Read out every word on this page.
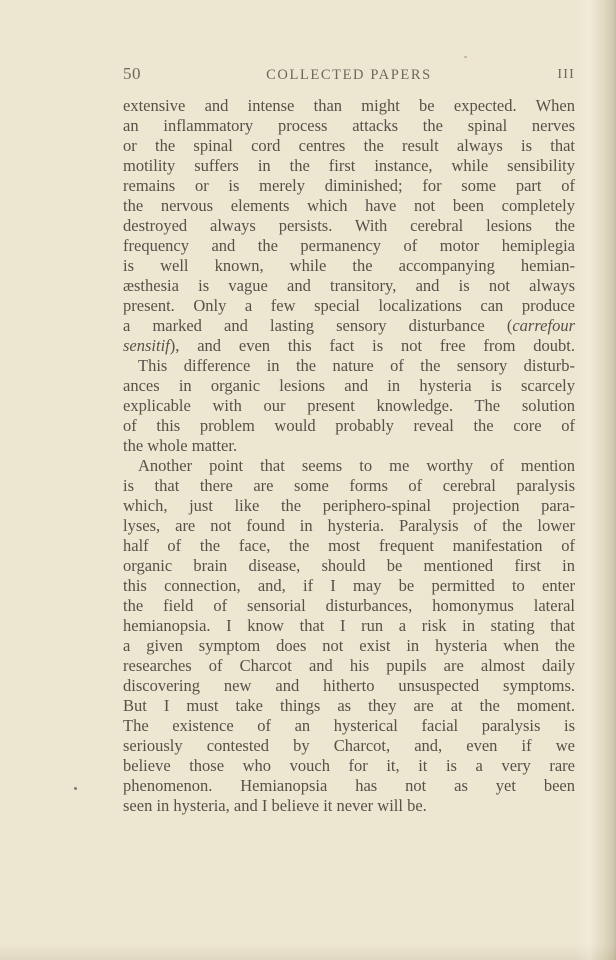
50	COLLECTED PAPERS	III
extensive and intense than might be expected. When
an inflammatory process attacks the spinal nerves
or the spinal cord centres the result always is that
motility suffers in the first instance, while sensibility
remains or is merely diminished; for some part of
the nervous elements which have not been completely
destroyed always persists. With cerebral lesions the
frequency and the permanency of motor hemiplegia
is well known, while the accompanying hemian-
æsthesia is vague and transitory, and is not always
present. Only a few special localizations can produce
a marked and lasting sensory disturbance (carrefour
sensitif), and even this fact is not free from doubt.
This difference in the nature of the sensory disturb-
ances in organic lesions and in hysteria is scarcely
explicable with our present knowledge. The solution
of this problem would probably reveal the core of
the whole matter.
Another point that seems to me worthy of mention
is that there are some forms of cerebral paralysis
which, just like the periphero-spinal projection para-
lyses, are not found in hysteria. Paralysis of the lower
half of the face, the most frequent manifestation of
organic brain disease, should be mentioned first in
this connection, and, if I may be permitted to enter
the field of sensorial disturbances, homonymus lateral
hemianopsia. I know that I run a risk in stating that
a given symptom does not exist in hysteria when the
researches of Charcot and his pupils are almost daily
discovering new and hitherto unsuspected symptoms.
But I must take things as they are at the moment.
The existence of an hysterical facial paralysis is
seriously contested by Charcot, and, even if we
believe those who vouch for it, it is a very rare
phenomenon. Hemianopsia has not as yet been
seen in hysteria, and I believe it never will be.
